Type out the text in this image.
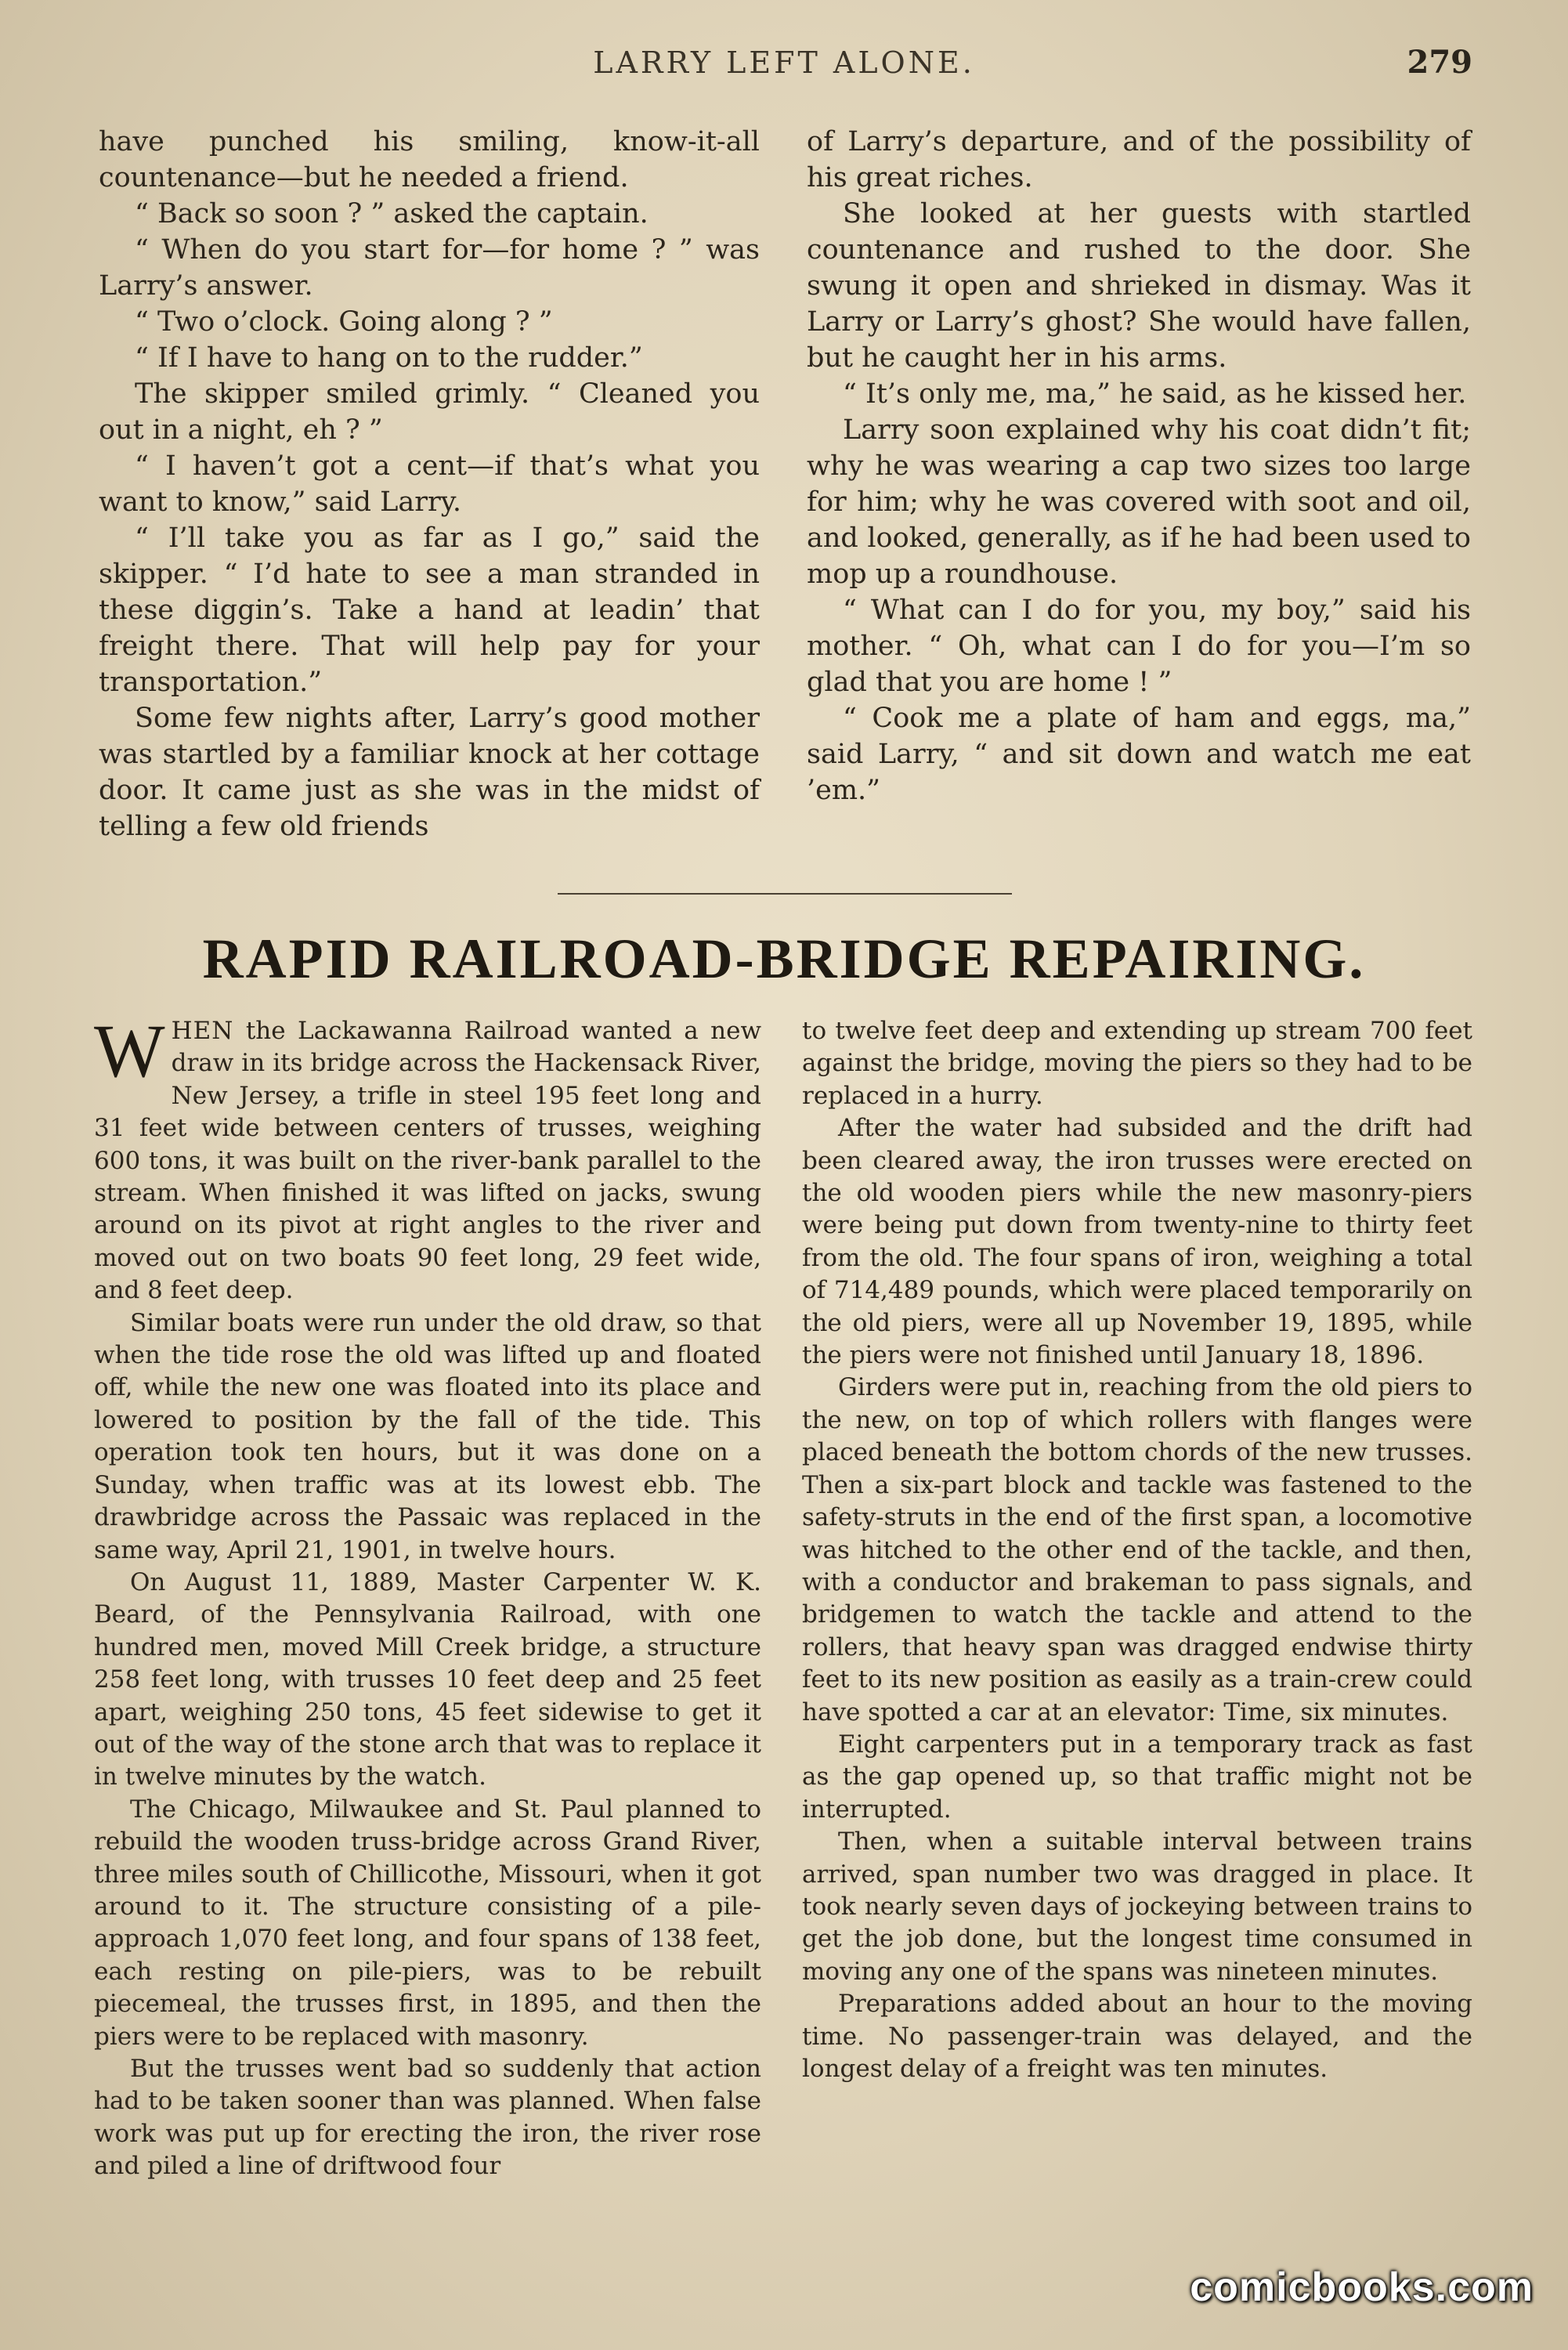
LARRY LEFT ALONE.	279

have punched his smiling, know-it-all countenance—but he needed a friend.

“ Back so soon ? ” asked the captain.

“ When do you start for—for home ? ” was Larry’s answer.

“ Two o’clock. Going along ? ”

“ If I have to hang on to the rudder.”

The skipper smiled grimly. “ Cleaned you out in a night, eh ? ”

“ I haven’t got a cent—if that’s what you want to know,” said Larry.

“ I’ll take you as far as I go,” said the skipper. “ I’d hate to see a man stranded in these diggin’s. Take a hand at leadin’ that freight there. That will help pay for your transportation.”

Some few nights after, Larry’s good mother was startled by a familiar knock at her cottage door. It came just as she was in the midst of telling a few old friends

of Larry’s departure, and of the possibility of his great riches.

She looked at her guests with startled countenance and rushed to the door. She swung it open and shrieked in dismay. Was it Larry or Larry’s ghost? She would have fallen, but he caught her in his arms.

“ It’s only me, ma,” he said, as he kissed her.

Larry soon explained why his coat didn’t fit; why he was wearing a cap two sizes too large for him; why he was covered with soot and oil, and looked, generally, as if he had been used to mop up a roundhouse.

“ What can I do for you, my boy,” said his mother. “ Oh, what can I do for you—I’m so glad that you are home ! ”

“ Cook me a plate of ham and eggs, ma,” said Larry, “ and sit down and watch me eat ’em.”

RAPID RAILROAD-BRIDGE REPAIRING.

WHEN the Lackawanna Railroad wanted a new draw in its bridge across the Hackensack River, New Jersey, a trifle in steel 195 feet long and 31 feet wide between centers of trusses, weighing 600 tons, it was built on the river-bank parallel to the stream. When finished it was lifted on jacks, swung around on its pivot at right angles to the river and moved out on two boats 90 feet long, 29 feet wide, and 8 feet deep.

Similar boats were run under the old draw, so that when the tide rose the old was lifted up and floated off, while the new one was floated into its place and lowered to position by the fall of the tide. This operation took ten hours, but it was done on a Sunday, when traffic was at its lowest ebb. The drawbridge across the Passaic was replaced in the same way, April 21, 1901, in twelve hours.

On August 11, 1889, Master Carpenter W. K. Beard, of the Pennsylvania Railroad, with one hundred men, moved Mill Creek bridge, a structure 258 feet long, with trusses 10 feet deep and 25 feet apart, weighing 250 tons, 45 feet sidewise to get it out of the way of the stone arch that was to replace it in twelve minutes by the watch.

The Chicago, Milwaukee and St. Paul planned to rebuild the wooden truss-bridge across Grand River, three miles south of Chillicothe, Missouri, when it got around to it. The structure consisting of a pile-approach 1,070 feet long, and four spans of 138 feet, each resting on pile-piers, was to be rebuilt piecemeal, the trusses first, in 1895, and then the piers were to be replaced with masonry.

But the trusses went bad so suddenly that action had to be taken sooner than was planned. When false work was put up for erecting the iron, the river rose and piled a line of driftwood four

to twelve feet deep and extending up stream 700 feet against the bridge, moving the piers so they had to be replaced in a hurry.

After the water had subsided and the drift had been cleared away, the iron trusses were erected on the old wooden piers while the new masonry-piers were being put down from twenty-nine to thirty feet from the old. The four spans of iron, weighing a total of 714,489 pounds, which were placed temporarily on the old piers, were all up November 19, 1895, while the piers were not finished until January 18, 1896.

Girders were put in, reaching from the old piers to the new, on top of which rollers with flanges were placed beneath the bottom chords of the new trusses. Then a six-part block and tackle was fastened to the safety-struts in the end of the first span, a locomotive was hitched to the other end of the tackle, and then, with a conductor and brakeman to pass signals, and bridgemen to watch the tackle and attend to the rollers, that heavy span was dragged endwise thirty feet to its new position as easily as a train-crew could have spotted a car at an elevator: Time, six minutes.

Eight carpenters put in a temporary track as fast as the gap opened up, so that traffic might not be interrupted.

Then, when a suitable interval between trains arrived, span number two was dragged in place. It took nearly seven days of jockeying between trains to get the job done, but the longest time consumed in moving any one of the spans was nineteen minutes.

Preparations added about an hour to the moving time. No passenger-train was delayed, and the longest delay of a freight was ten minutes.

comicbooks.com
